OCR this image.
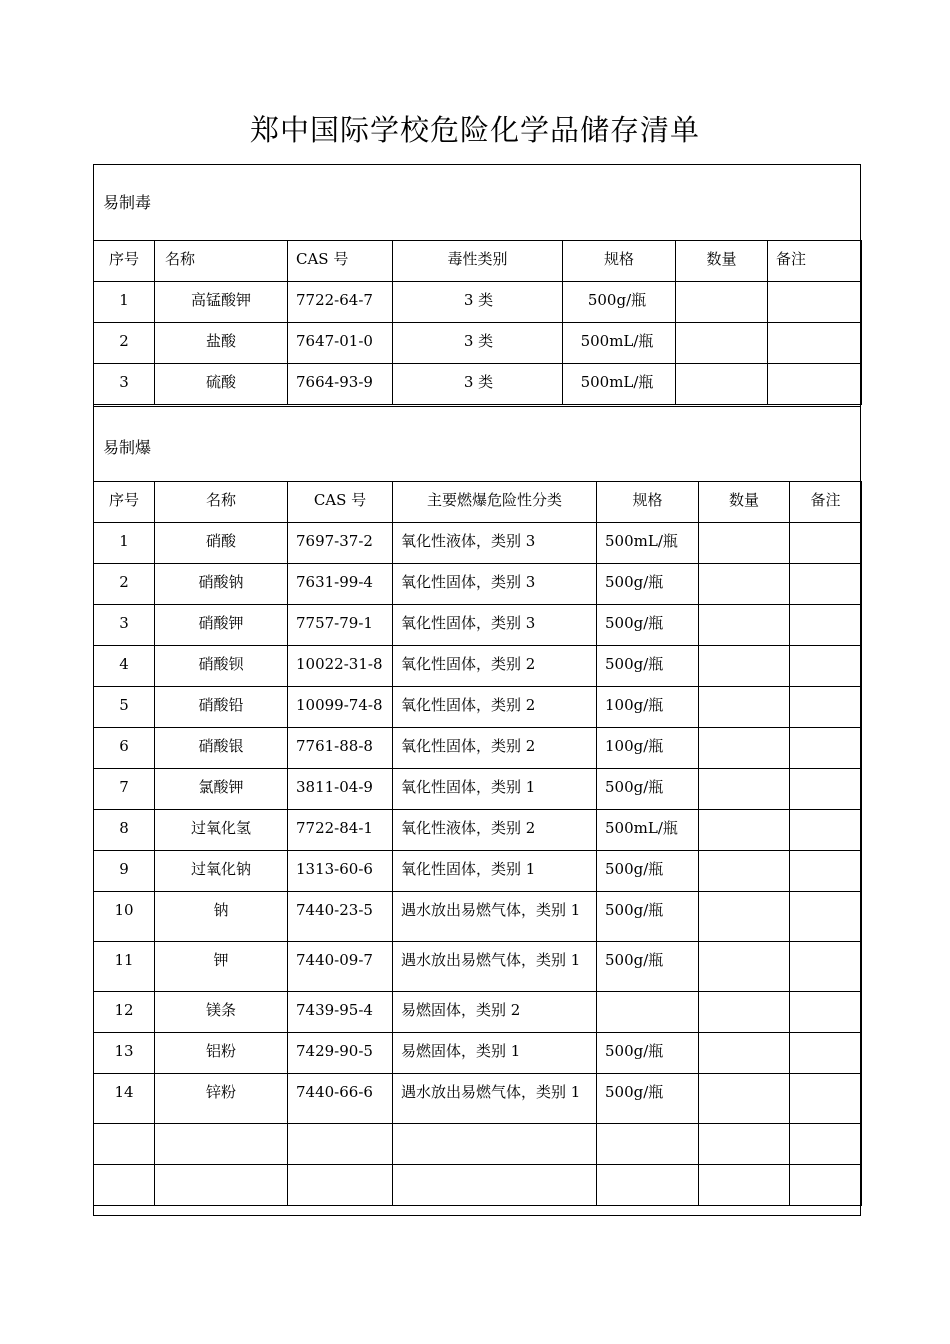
郑中国际学校危险化学品储存清单
易制毒
序号	名称	CAS 号	毒性类别	规格	数量	备注

1	高锰酸钾	7722-64-7	3 类	500g/瓶		

2	盐酸	7647-01-0	3 类	500mL/瓶		

3	硫酸	7664-93-9	3 类	500mL/瓶		

易制爆
序号	名称	CAS 号	主要燃爆危险性分类	规格	数量	备注

1	硝酸	7697-37-2	氧化性液体，类别 3	500mL/瓶		

2	硝酸钠	7631-99-4	氧化性固体，类别 3	500g/瓶		

3	硝酸钾	7757-79-1	氧化性固体，类别 3	500g/瓶		

4	硝酸钡	10022-31-8	氧化性固体，类别 2	500g/瓶		

5	硝酸铅	10099-74-8	氧化性固体，类别 2	100g/瓶		

6	硝酸银	7761-88-8	氧化性固体，类别 2	100g/瓶		

7	氯酸钾	3811-04-9	氧化性固体，类别 1	500g/瓶		

8	过氧化氢	7722-84-1	氧化性液体，类别 2	500mL/瓶		

9	过氧化钠	1313-60-6	氧化性固体，类别 1	500g/瓶		

10	钠	7440-23-5	遇水放出易燃气体，类别 1	500g/瓶		

11	钾	7440-09-7	遇水放出易燃气体，类别 1	500g/瓶		

12	镁条	7439-95-4	易燃固体，类别 2			

13	铝粉	7429-90-5	易燃固体，类别 1	500g/瓶		

14	锌粉	7440-66-6	遇水放出易燃气体，类别 1	500g/瓶		
